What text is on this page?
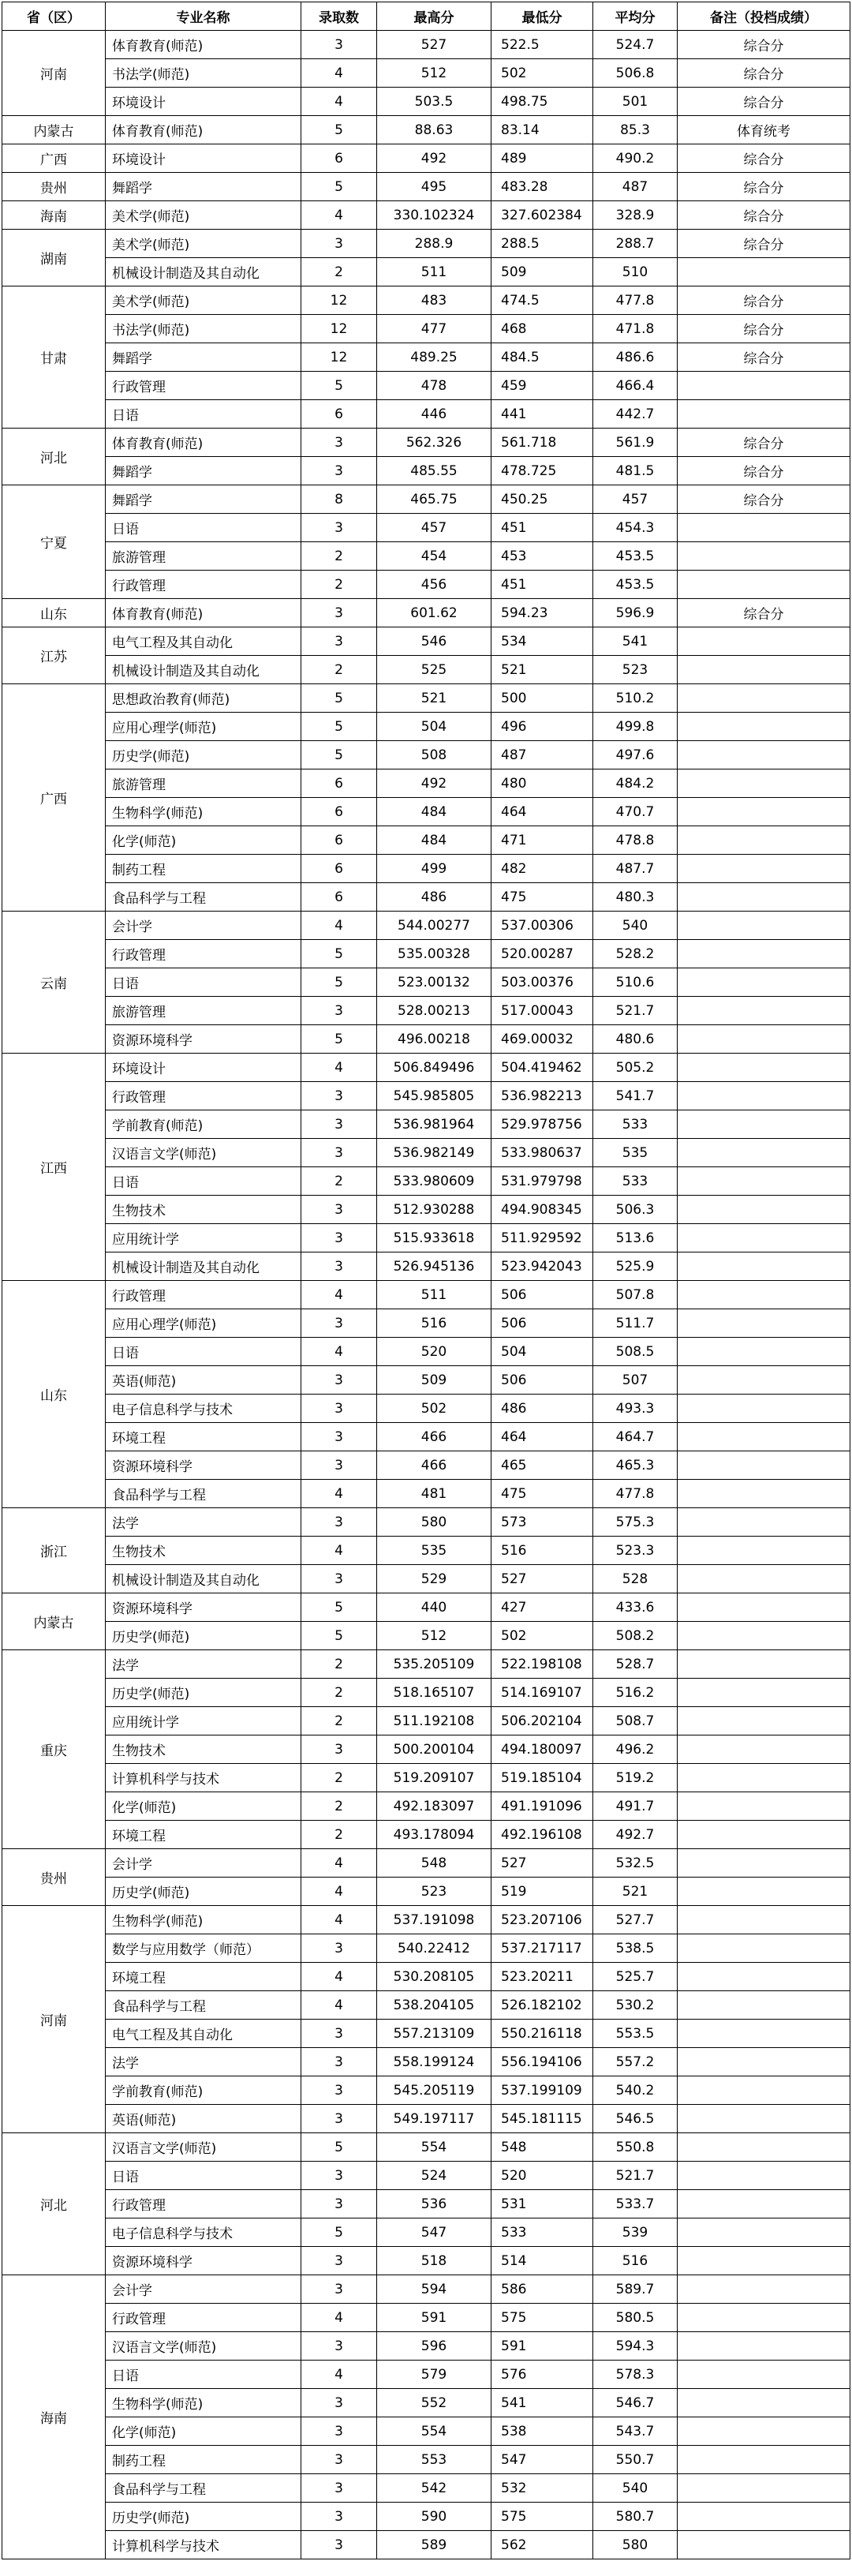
省（区）	专业名称	录取数	最高分	最低分	平均分	备注（投档成绩）
河南	体育教育(师范)	3	527	522.5	524.7	综合分
	书法学(师范)	4	512	502	506.8	综合分
	环境设计	4	503.5	498.75	501	综合分
内蒙古	体育教育(师范)	5	88.63	83.14	85.3	体育统考
广西	环境设计	6	492	489	490.2	综合分
贵州	舞蹈学	5	495	483.28	487	综合分
海南	美术学(师范)	4	330.102324	327.602384	328.9	综合分
湖南	美术学(师范)	3	288.9	288.5	288.7	综合分
	机械设计制造及其自动化	2	511	509	510	
甘肃	美术学(师范)	12	483	474.5	477.8	综合分
	书法学(师范)	12	477	468	471.8	综合分
	舞蹈学	12	489.25	484.5	486.6	综合分
	行政管理	5	478	459	466.4	
	日语	6	446	441	442.7	
河北	体育教育(师范)	3	562.326	561.718	561.9	综合分
	舞蹈学	3	485.55	478.725	481.5	综合分
宁夏	舞蹈学	8	465.75	450.25	457	综合分
	日语	3	457	451	454.3	
	旅游管理	2	454	453	453.5	
	行政管理	2	456	451	453.5	
山东	体育教育(师范)	3	601.62	594.23	596.9	综合分
江苏	电气工程及其自动化	3	546	534	541	
	机械设计制造及其自动化	2	525	521	523	
广西	思想政治教育(师范)	5	521	500	510.2	
	应用心理学(师范)	5	504	496	499.8	
	历史学(师范)	5	508	487	497.6	
	旅游管理	6	492	480	484.2	
	生物科学(师范)	6	484	464	470.7	
	化学(师范)	6	484	471	478.8	
	制药工程	6	499	482	487.7	
	食品科学与工程	6	486	475	480.3	
云南	会计学	4	544.00277	537.00306	540	
	行政管理	5	535.00328	520.00287	528.2	
	日语	5	523.00132	503.00376	510.6	
	旅游管理	3	528.00213	517.00043	521.7	
	资源环境科学	5	496.00218	469.00032	480.6	
江西	环境设计	4	506.849496	504.419462	505.2	
	行政管理	3	545.985805	536.982213	541.7	
	学前教育(师范)	3	536.981964	529.978756	533	
	汉语言文学(师范)	3	536.982149	533.980637	535	
	日语	2	533.980609	531.979798	533	
	生物技术	3	512.930288	494.908345	506.3	
	应用统计学	3	515.933618	511.929592	513.6	
	机械设计制造及其自动化	3	526.945136	523.942043	525.9	
山东	行政管理	4	511	506	507.8	
	应用心理学(师范)	3	516	506	511.7	
	日语	4	520	504	508.5	
	英语(师范)	3	509	506	507	
	电子信息科学与技术	3	502	486	493.3	
	环境工程	3	466	464	464.7	
	资源环境科学	3	466	465	465.3	
	食品科学与工程	4	481	475	477.8	
浙江	法学	3	580	573	575.3	
	生物技术	4	535	516	523.3	
	机械设计制造及其自动化	3	529	527	528	
内蒙古	资源环境科学	5	440	427	433.6	
	历史学(师范)	5	512	502	508.2	
重庆	法学	2	535.205109	522.198108	528.7	
	历史学(师范)	2	518.165107	514.169107	516.2	
	应用统计学	2	511.192108	506.202104	508.7	
	生物技术	3	500.200104	494.180097	496.2	
	计算机科学与技术	2	519.209107	519.185104	519.2	
	化学(师范)	2	492.183097	491.191096	491.7	
	环境工程	2	493.178094	492.196108	492.7	
贵州	会计学	4	548	527	532.5	
	历史学(师范)	4	523	519	521	
河南	生物科学(师范)	4	537.191098	523.207106	527.7	
	数学与应用数学（师范）	3	540.22412	537.217117	538.5	
	环境工程	4	530.208105	523.20211	525.7	
	食品科学与工程	4	538.204105	526.182102	530.2	
	电气工程及其自动化	3	557.213109	550.216118	553.5	
	法学	3	558.199124	556.194106	557.2	
	学前教育(师范)	3	545.205119	537.199109	540.2	
	英语(师范)	3	549.197117	545.181115	546.5	
河北	汉语言文学(师范)	5	554	548	550.8	
	日语	3	524	520	521.7	
	行政管理	3	536	531	533.7	
	电子信息科学与技术	5	547	533	539	
	资源环境科学	3	518	514	516	
海南	会计学	3	594	586	589.7	
	行政管理	4	591	575	580.5	
	汉语言文学(师范)	3	596	591	594.3	
	日语	4	579	576	578.3	
	生物科学(师范)	3	552	541	546.7	
	化学(师范)	3	554	538	543.7	
	制药工程	3	553	547	550.7	
	食品科学与工程	3	542	532	540	
	历史学(师范)	3	590	575	580.7	
	计算机科学与技术	3	589	562	580	
